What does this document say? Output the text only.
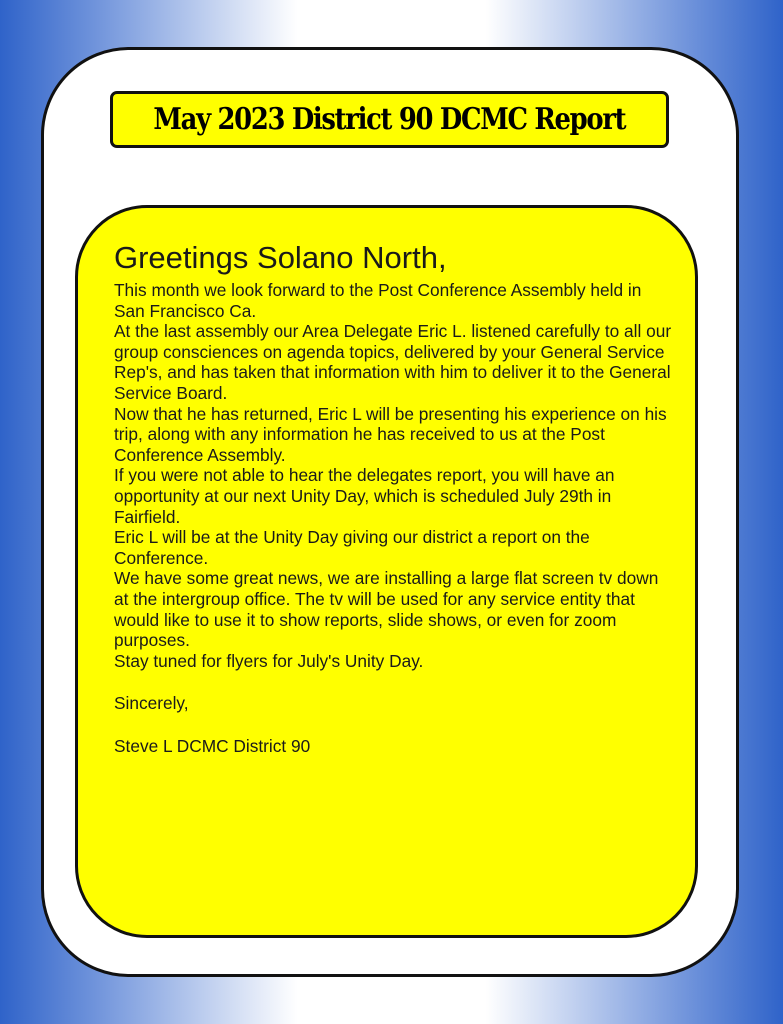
May 2023 District 90 DCMC Report

Greetings Solano North,

This month we look forward to the Post Conference Assembly held in San Francisco Ca.

At the last assembly our Area Delegate Eric L. listened carefully to all our group consciences on agenda topics, delivered by your General Service Rep's, and has taken that information with him to deliver it to the General Service Board.

Now that he has returned, Eric L will be presenting his experience on his trip, along with any information he has received to us at the Post Conference Assembly.

If you were not able to hear the delegates report, you will have an opportunity at our next Unity Day, which is scheduled July 29th in Fairfield.

Eric L will be at the Unity Day giving our district a report on the Conference.

We have some great news, we are installing a large flat screen tv down at the intergroup office. The tv will be used for any service entity that would like to use it to show reports, slide shows, or even for zoom purposes.

Stay tuned for flyers for July's Unity Day.

Sincerely,

Steve L DCMC District 90
